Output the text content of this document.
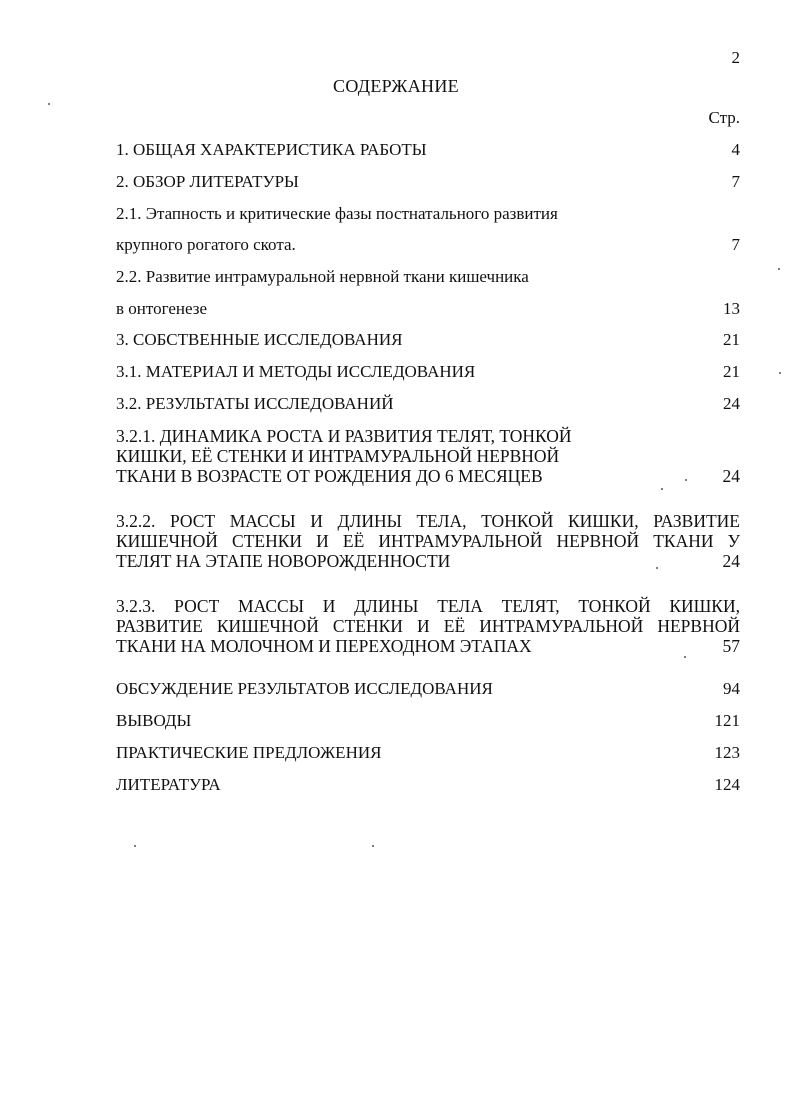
2
СОДЕРЖАНИЕ
Стр.
1. ОБЩАЯ ХАРАКТЕРИСТИКА РАБОТЫ	4
2. ОБЗОР ЛИТЕРАТУРЫ	7
2.1. Этапность и критические фазы постнатального развития
крупного рогатого скота.	7
2.2. Развитие интрамуральной нервной ткани кишечника
в онтогенезе	13
3. СОБСТВЕННЫЕ ИССЛЕДОВАНИЯ	21
3.1. МАТЕРИАЛ И МЕТОДЫ ИССЛЕДОВАНИЯ	21
3.2. РЕЗУЛЬТАТЫ ИССЛЕДОВАНИЙ	24
3.2.1. ДИНАМИКА РОСТА И РАЗВИТИЯ ТЕЛЯТ, ТОНКОЙ
КИШКИ, ЕЁ СТЕНКИ И ИНТРАМУРАЛЬНОЙ НЕРВНОЙ
ТКАНИ В ВОЗРАСТЕ ОТ РОЖДЕНИЯ ДО 6 МЕСЯЦЕВ	24
3.2.2. РОСТ МАССЫ И ДЛИНЫ ТЕЛА, ТОНКОЙ КИШКИ, РАЗВИТИЕ
КИШЕЧНОЙ СТЕНКИ И ЕЁ ИНТРАМУРАЛЬНОЙ НЕРВНОЙ ТКАНИ У
ТЕЛЯТ НА ЭТАПЕ НОВОРОЖДЕННОСТИ	24
3.2.3. РОСТ МАССЫ И ДЛИНЫ ТЕЛА ТЕЛЯТ, ТОНКОЙ КИШКИ,
РАЗВИТИЕ КИШЕЧНОЙ СТЕНКИ И ЕЁ ИНТРАМУРАЛЬНОЙ НЕРВНОЙ
ТКАНИ НА МОЛОЧНОМ И ПЕРЕХОДНОМ ЭТАПАХ	57
ОБСУЖДЕНИЕ РЕЗУЛЬТАТОВ ИССЛЕДОВАНИЯ	94
ВЫВОДЫ	121
ПРАКТИЧЕСКИЕ ПРЕДЛОЖЕНИЯ	123
ЛИТЕРАТУРА	124
